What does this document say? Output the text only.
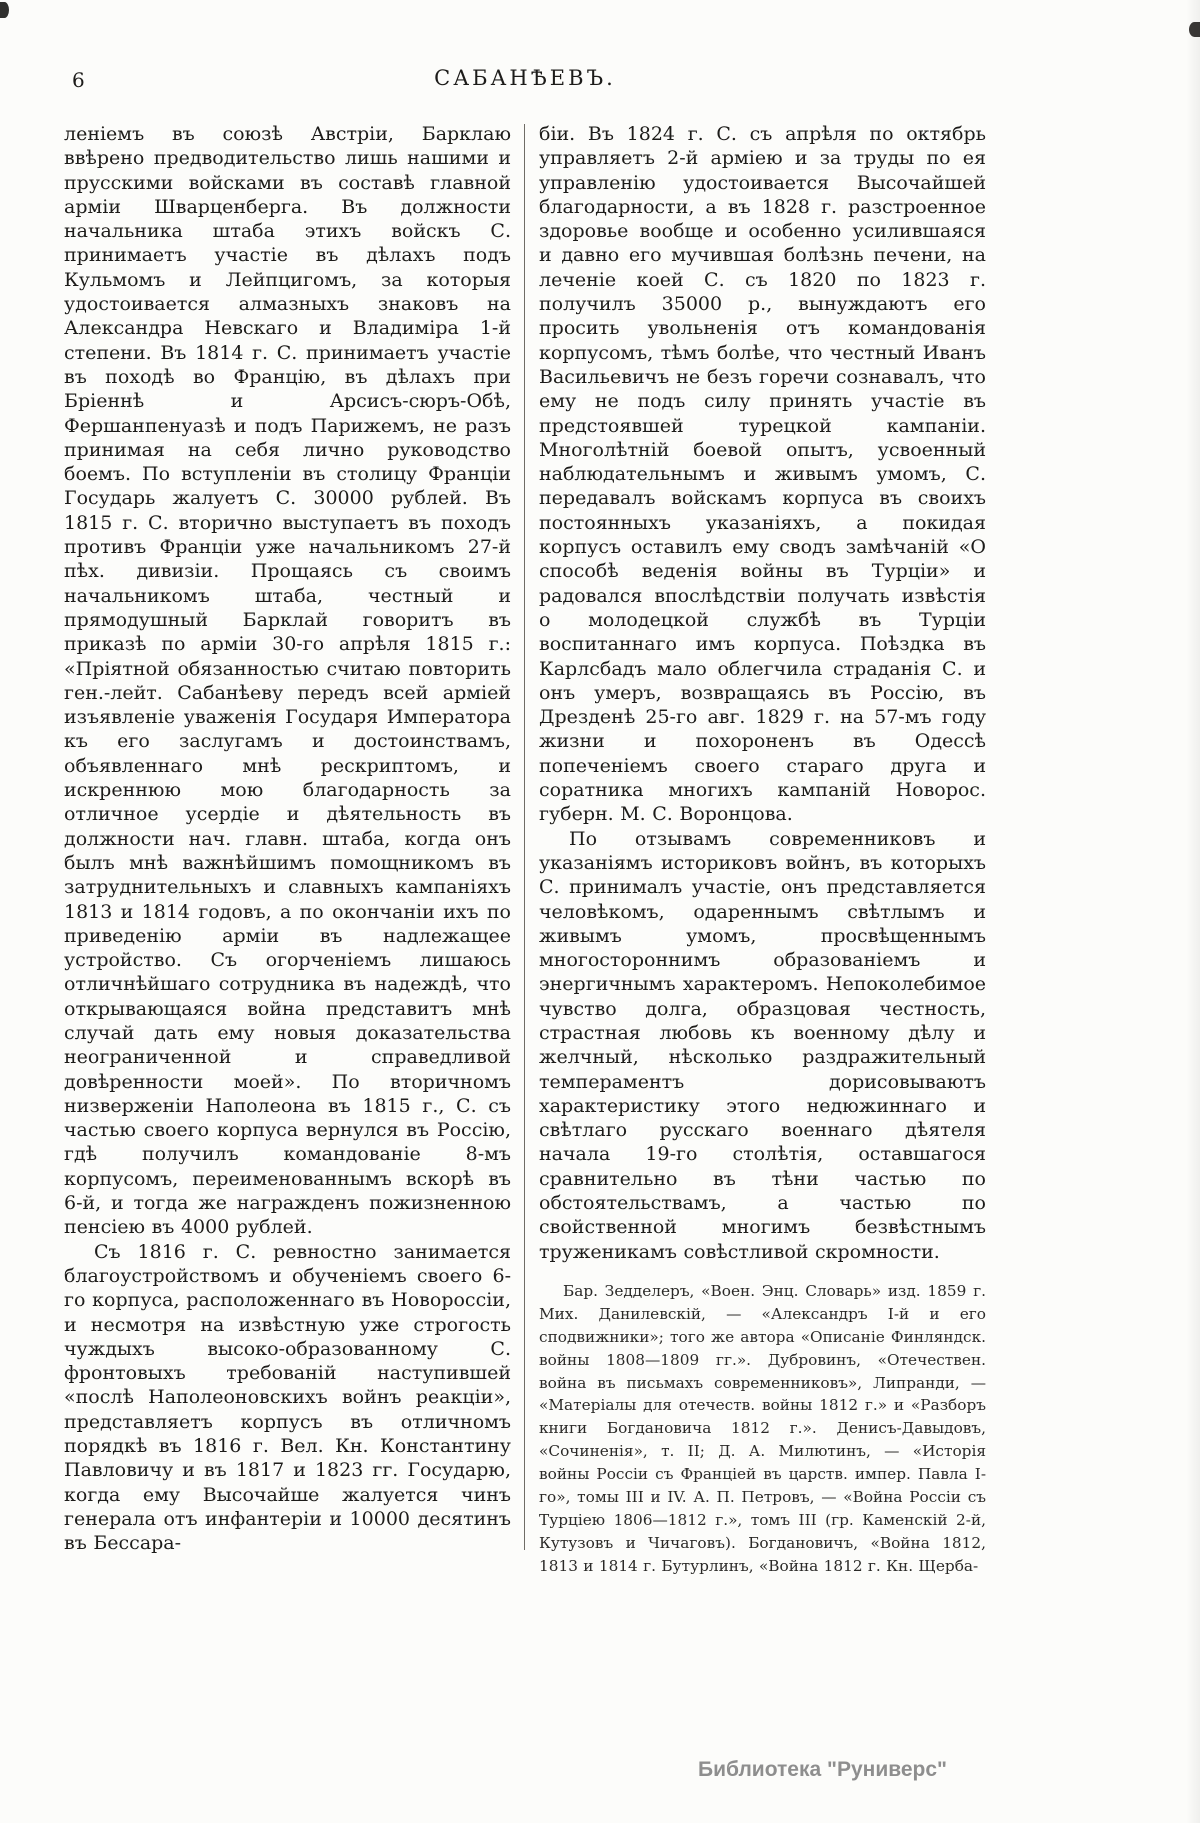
6	САБАНѢЕВЪ.

леніемъ въ союзѣ Австріи, Барклаю ввѣрено предводительство лишь нашими и прусскими войсками въ составѣ главной арміи Шварценберга. Въ должности начальника штаба этихъ войскъ С. принимаетъ участіе въ дѣлахъ подъ Кульмомъ и Лейпцигомъ, за которыя удостоивается алмазныхъ знаковъ на Александра Невскаго и Владиміра 1-й степени. Въ 1814 г. С. принимаетъ участіе въ походѣ во Францію, въ дѣлахъ при Бріеннѣ и Арсисъ-сюръ-Обѣ, Фершанпенуазѣ и подъ Парижемъ, не разъ принимая на себя лично руководство боемъ. По вступленіи въ столицу Франціи Государь жалуетъ С. 30000 рублей. Въ 1815 г. С. вторично выступаетъ въ походъ противъ Франціи уже начальникомъ 27-й пѣх. дивизіи. Прощаясь съ своимъ начальникомъ штаба, честный и прямодушный Барклай говоритъ въ приказѣ по арміи 30-го апрѣля 1815 г.: «Пріятной обязанностью считаю повторить ген.-лейт. Сабанѣеву передъ всей арміей изъявленіе уваженія Государя Императора къ его заслугамъ и достоинствамъ, объявленнаго мнѣ рескриптомъ, и искреннюю мою благодарность за отличное усердіе и дѣятельность въ должности нач. главн. штаба, когда онъ былъ мнѣ важнѣйшимъ помощникомъ въ затруднительныхъ и славныхъ кампаніяхъ 1813 и 1814 годовъ, а по окончаніи ихъ по приведенію арміи въ надлежащее устройство. Съ огорченіемъ лишаюсь отличнѣйшаго сотрудника въ надеждѣ, что открывающаяся война представитъ мнѣ случай дать ему новыя доказательства неограниченной и справедливой довѣренности моей». По вторичномъ низверженіи Наполеона въ 1815 г., С. съ частью своего корпуса вернулся въ Россію, гдѣ получилъ командованіе 8-мъ корпусомъ, переименованнымъ вскорѣ въ 6-й, и тогда же награжденъ пожизненною пенсіею въ 4000 рублей.

Съ 1816 г. С. ревностно занимается благоустройствомъ и обученіемъ своего 6-го корпуса, расположеннаго въ Новороссіи, и несмотря на извѣстную уже строгость чуждыхъ высоко-образованному С. фронтовыхъ требованій наступившей «послѣ Наполеоновскихъ войнъ реакціи», представляетъ корпусъ въ отличномъ порядкѣ въ 1816 г. Вел. Кн. Константину Павловичу и въ 1817 и 1823 гг. Государю, когда ему Высочайше жалуется чинъ генерала отъ инфантеріи и 10000 десятинъ въ Бессара-

біи. Въ 1824 г. С. съ апрѣля по октябрь управляетъ 2-й арміею и за труды по ея управленію удостоивается Высочайшей благодарности, а въ 1828 г. разстроенное здоровье вообще и особенно усилившаяся и давно его мучившая болѣзнь печени, на леченіе коей С. съ 1820 по 1823 г. получилъ 35000 р., вынуждаютъ его просить увольненія отъ командованія корпусомъ, тѣмъ болѣе, что честный Иванъ Васильевичъ не безъ горечи сознавалъ, что ему не подъ силу принять участіе въ предстоявшей турецкой кампаніи. Многолѣтній боевой опытъ, усвоенный наблюдательнымъ и живымъ умомъ, С. передавалъ войскамъ корпуса въ своихъ постоянныхъ указаніяхъ, а покидая корпусъ оставилъ ему сводъ замѣчаній «О способѣ веденія войны въ Турціи» и радовался впослѣдствіи получать извѣстія о молодецкой службѣ въ Турціи воспитаннаго имъ корпуса. Поѣздка въ Карлсбадъ мало облегчила страданія С. и онъ умеръ, возвращаясь въ Россію, въ Дрезденѣ 25-го авг. 1829 г. на 57-мъ году жизни и похороненъ въ Одессѣ попеченіемъ своего стараго друга и соратника многихъ кампаній Новорос. губерн. М. С. Воронцова.

По отзывамъ современниковъ и указаніямъ историковъ войнъ, въ которыхъ С. принималъ участіе, онъ представляется человѣкомъ, одареннымъ свѣтлымъ и живымъ умомъ, просвѣщеннымъ многостороннимъ образованіемъ и энергичнымъ характеромъ. Непоколебимое чувство долга, образцовая честность, страстная любовь къ военному дѣлу и желчный, нѣсколько раздражительный темпераментъ дорисовываютъ характеристику этого недюжиннаго и свѣтлаго русскаго военнаго дѣятеля начала 19-го столѣтія, оставшагося сравнительно въ тѣни частью по обстоятельствамъ, а частью по свойственной многимъ безвѣстнымъ труженикамъ совѣстливой скромности.

Бар. Зедделеръ, «Воен. Энц. Словарь» изд. 1859 г. Мих. Данилевскій, — «Александръ I-й и его сподвижники»; того же автора «Описаніе Финляндск. войны 1808—1809 гг.». Дубровинъ, «Отечествен. война въ письмахъ современниковъ», Липранди, — «Матеріалы для отечеств. войны 1812 г.» и «Разборъ книги Богдановича 1812 г.». Денисъ-Давыдовъ, «Сочиненія», т. II; Д. А. Милютинъ, — «Исторія войны Россіи съ Франціей въ царств. импер. Павла I-го», томы III и IV. А. П. Петровъ, — «Война Россіи съ Турціею 1806—1812 г.», томъ III (гр. Каменскій 2-й, Кутузовъ и Чичаговъ). Богдановичъ, «Война 1812, 1813 и 1814 г. Бутурлинъ, «Война 1812 г. Кн. Щерба-

Библиотека "Руниверс"
